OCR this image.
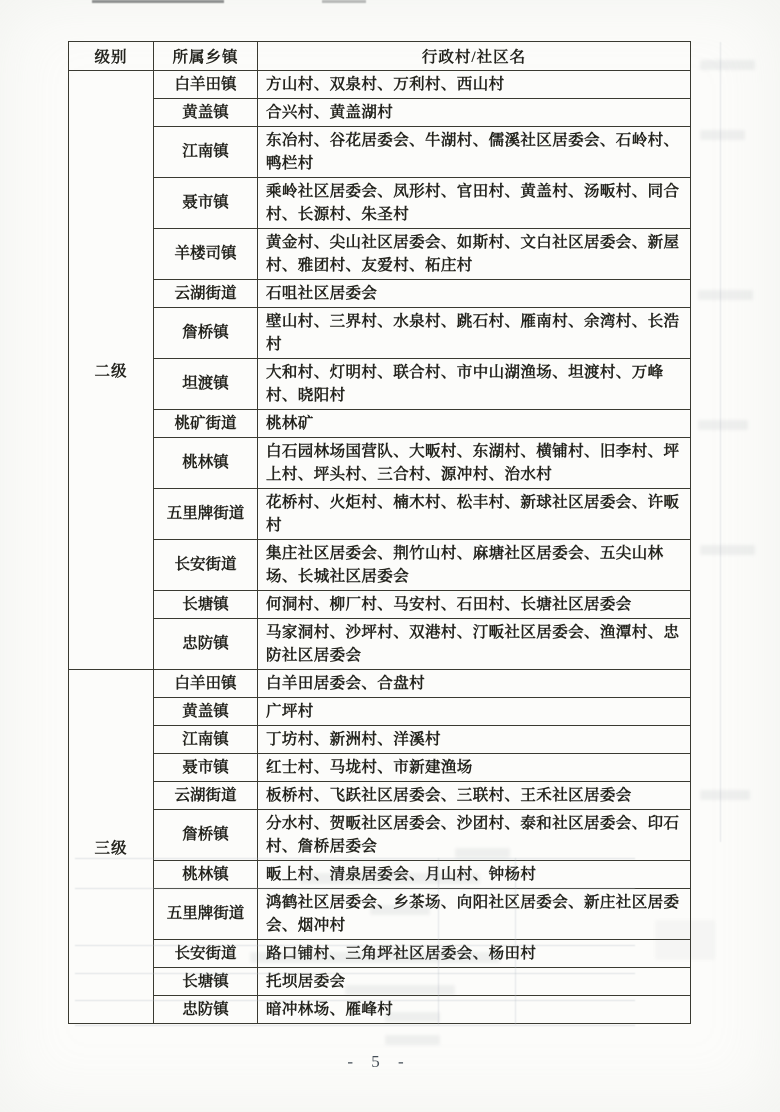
级别	所属乡镇	行政村/社区名
二级	白羊田镇	方山村、双泉村、万利村、西山村
	黄盖镇	合兴村、黄盖湖村
	江南镇	东冶村、谷花居委会、牛湖村、儒溪社区居委会、石岭村、鸭栏村
	聂市镇	乘岭社区居委会、凤形村、官田村、黄盖村、汤畈村、同合村、长源村、朱圣村
	羊楼司镇	黄金村、尖山社区居委会、如斯村、文白社区居委会、新屋村、雅团村、友爱村、柘庄村
	云湖街道	石咀社区居委会
	詹桥镇	壁山村、三界村、水泉村、跳石村、雁南村、余湾村、长浩村
	坦渡镇	大和村、灯明村、联合村、市中山湖渔场、坦渡村、万峰村、晓阳村
	桃矿街道	桃林矿
	桃林镇	白石园林场国营队、大畈村、东湖村、横铺村、旧李村、坪上村、坪头村、三合村、源冲村、治水村
	五里牌街道	花桥村、火炬村、楠木村、松丰村、新球社区居委会、许畈村
	长安街道	集庄社区居委会、荆竹山村、麻塘社区居委会、五尖山林场、长城社区居委会
	长塘镇	何洞村、柳厂村、马安村、石田村、长塘社区居委会
	忠防镇	马家洞村、沙坪村、双港村、汀畈社区居委会、渔潭村、忠防社区居委会
三级	白羊田镇	白羊田居委会、合盘村
	黄盖镇	广坪村
	江南镇	丁坊村、新洲村、洋溪村
	聂市镇	红士村、马垅村、市新建渔场
	云湖街道	板桥村、飞跃社区居委会、三联村、王禾社区居委会
	詹桥镇	分水村、贺畈社区居委会、沙团村、泰和社区居委会、印石村、詹桥居委会
	桃林镇	畈上村、清泉居委会、月山村、钟杨村
	五里牌街道	鸿鹤社区居委会、乡茶场、向阳社区居委会、新庄社区居委会、烟冲村
	长安街道	路口铺村、三角坪社区居委会、杨田村
	长塘镇	托坝居委会
	忠防镇	暗冲林场、雁峰村
- 5 -
